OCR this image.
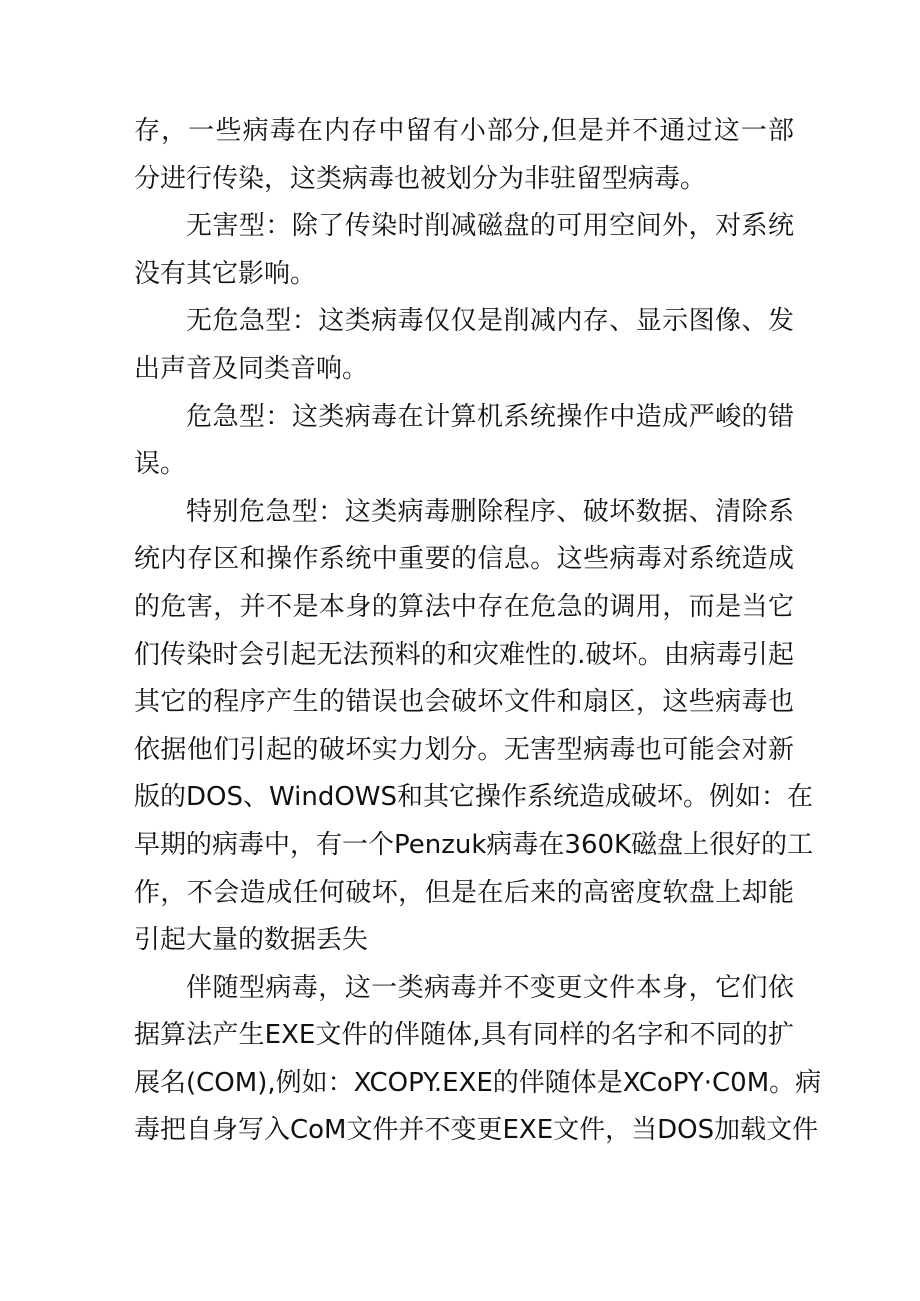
存，一些病毒在内存中留有小部分,但是并不通过这一部
分进行传染，这类病毒也被划分为非驻留型病毒。

无害型：除了传染时削减磁盘的可用空间外，对系统
没有其它影响。

无危急型：这类病毒仅仅是削减内存、显示图像、发
出声音及同类音响。

危急型：这类病毒在计算机系统操作中造成严峻的错
误。

特别危急型：这类病毒删除程序、破坏数据、清除系
统内存区和操作系统中重要的信息。这些病毒对系统造成
的危害，并不是本身的算法中存在危急的调用，而是当它
们传染时会引起无法预料的和灾难性的.破坏。由病毒引起
其它的程序产生的错误也会破坏文件和扇区，这些病毒也
依据他们引起的破坏实力划分。无害型病毒也可能会对新
版的DOS、WindOWS和其它操作系统造成破坏。例如：在
早期的病毒中，有一个Penzuk病毒在360K磁盘上很好的工
作，不会造成任何破坏，但是在后来的高密度软盘上却能
引起大量的数据丢失

伴随型病毒，这一类病毒并不变更文件本身，它们依
据算法产生EXE文件的伴随体,具有同样的名字和不同的扩
展名(COM),例如：XCOPY.EXE的伴随体是XCoPY·C0M。病
毒把自身写入CoM文件并不变更EXE文件，当DOS加载文件
